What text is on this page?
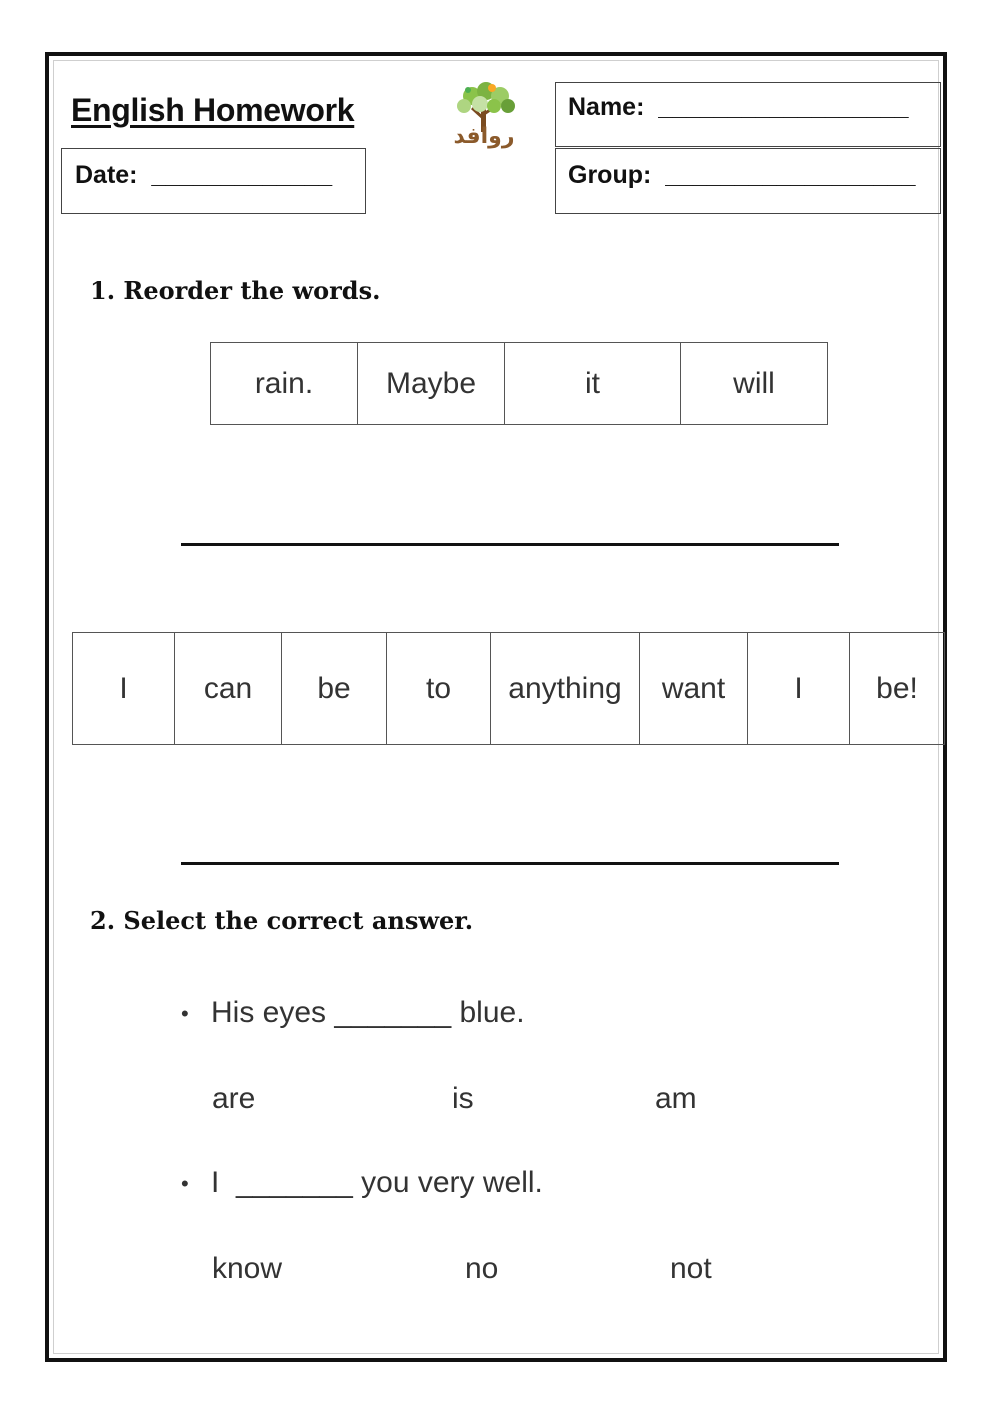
English Homework
روافد
Date:  _____________
Name:  __________________
Group:  __________________
1. Reorder the words.
rain.	Maybe	it	will
I	can	be	to	anything	want	I	be!
2. Select the correct answer.
• His eyes _______ blue.
are	is	am
• I  _______ you very well.
know	no	not
